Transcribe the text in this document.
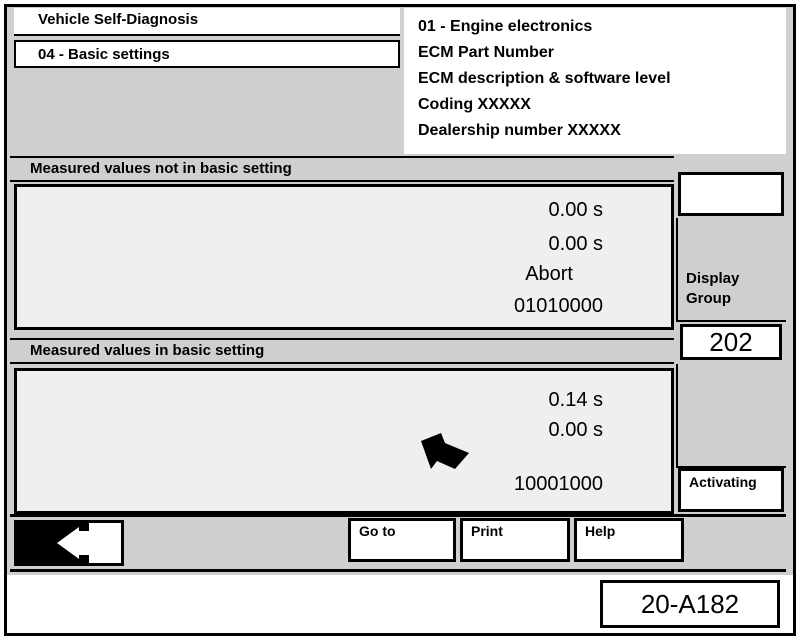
Vehicle Self-Diagnosis
04 - Basic settings
01 - Engine electronics
ECM Part Number
ECM description & software level
Coding XXXXX
Dealership number XXXXX
Measured values not in basic setting
0.00 s
0.00 s
Abort
01010000
Display
Group
202
Activating
Measured values in basic setting
0.14 s
0.00 s
10001000
Go to	Print	Help
20-A182
